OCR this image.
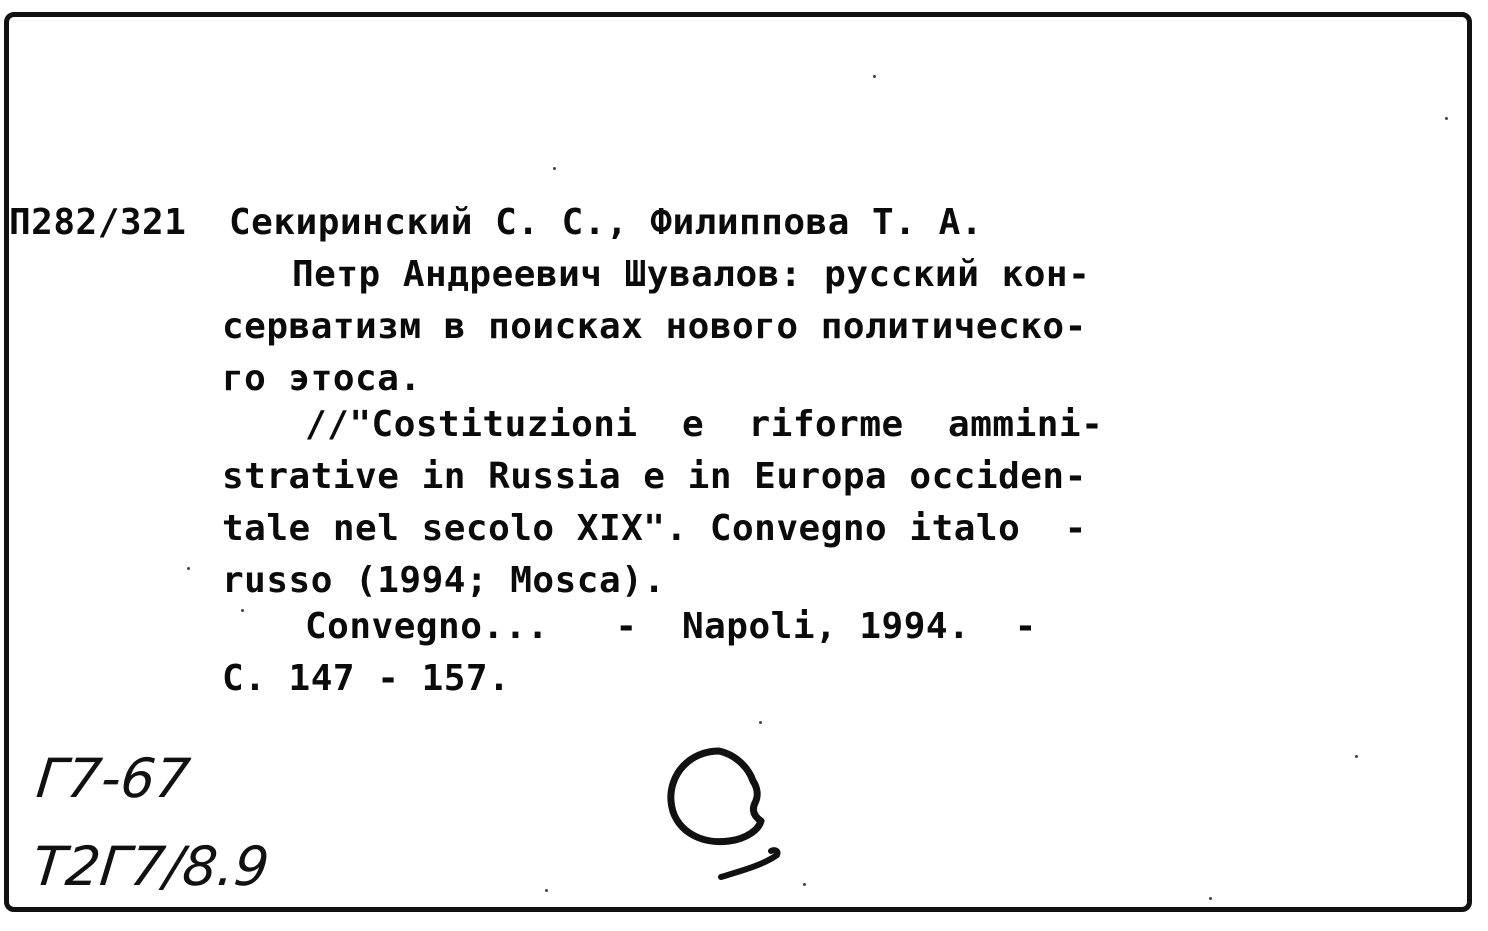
П282/321 Секиринский С. С., Филиппова Т. А.
Петр Андреевич Шувалов: русский кон-
серватизм в поисках нового политическо-
го этоса.
//"Costituzioni  e  riforme  ammini-
strative in Russia e in Europa occiden-
tale nel secolo XIX". Convegno italo  -
russo (1994; Mosca).
Convegno...   -  Napoli, 1994.  -
С. 147 - 157.
Г7-67
Т2Г7/8.9
